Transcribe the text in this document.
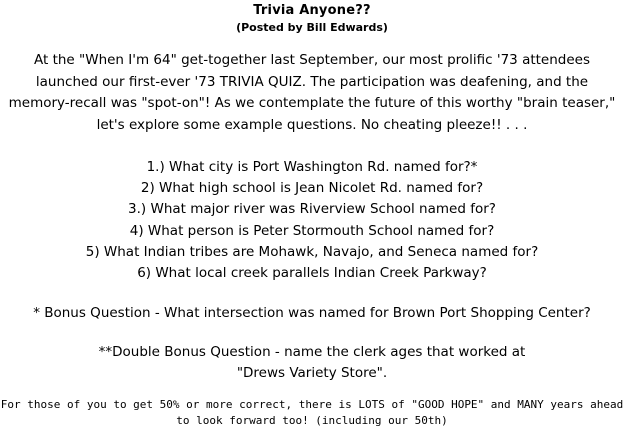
Trivia Anyone??
(Posted by Bill Edwards)
At the "When I'm 64" get-together last September, our most prolific '73 attendees launched our first-ever '73 TRIVIA QUIZ. The participation was deafening, and the memory-recall was "spot-on"! As we contemplate the future of this worthy "brain teaser," let's explore some example questions. No cheating pleeze!! . . .
1.) What city is Port Washington Rd. named for?*
2) What high school is Jean Nicolet Rd. named for?
3.) What major river was Riverview School named for?
4) What person is Peter Stormouth School named for?
5) What Indian tribes are Mohawk, Navajo, and Seneca named for?
6) What local creek parallels Indian Creek Parkway?
* Bonus Question - What intersection was named for Brown Port Shopping Center?
**Double Bonus Question - name the clerk ages that worked at "Drews Variety Store".
For those of you to get 50% or more correct, there is LOTS of "GOOD HOPE" and MANY years ahead to look forward too! (including our 50th)
